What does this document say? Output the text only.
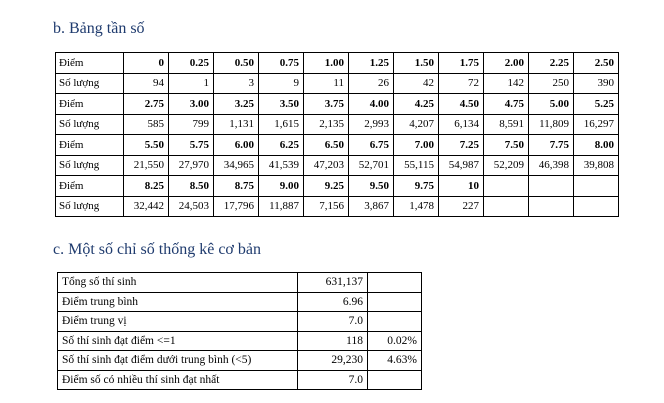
b. Bảng tần số
Điểm	0	0.25	0.50	0.75	1.00	1.25	1.50	1.75	2.00	2.25	2.50
Số lượng	94	1	3	9	11	26	42	72	142	250	390
Điểm	2.75	3.00	3.25	3.50	3.75	4.00	4.25	4.50	4.75	5.00	5.25
Số lượng	585	799	1,131	1,615	2,135	2,993	4,207	6,134	8,591	11,809	16,297
Điểm	5.50	5.75	6.00	6.25	6.50	6.75	7.00	7.25	7.50	7.75	8.00
Số lượng	21,550	27,970	34,965	41,539	47,203	52,701	55,115	54,987	52,209	46,398	39,808
Điểm	8.25	8.50	8.75	9.00	9.25	9.50	9.75	10			
Số lượng	32,442	24,503	17,796	11,887	7,156	3,867	1,478	227			
c. Một số chỉ số thống kê cơ bản
Tổng số thí sinh	631,137	
Điểm trung bình	6.96	
Điểm trung vị	7.0	
Số thí sinh đạt điểm <=1	118	0.02%
Số thí sinh đạt điểm dưới trung bình (<5)	29,230	4.63%
Điểm số có nhiều thí sinh đạt nhất	7.0	
